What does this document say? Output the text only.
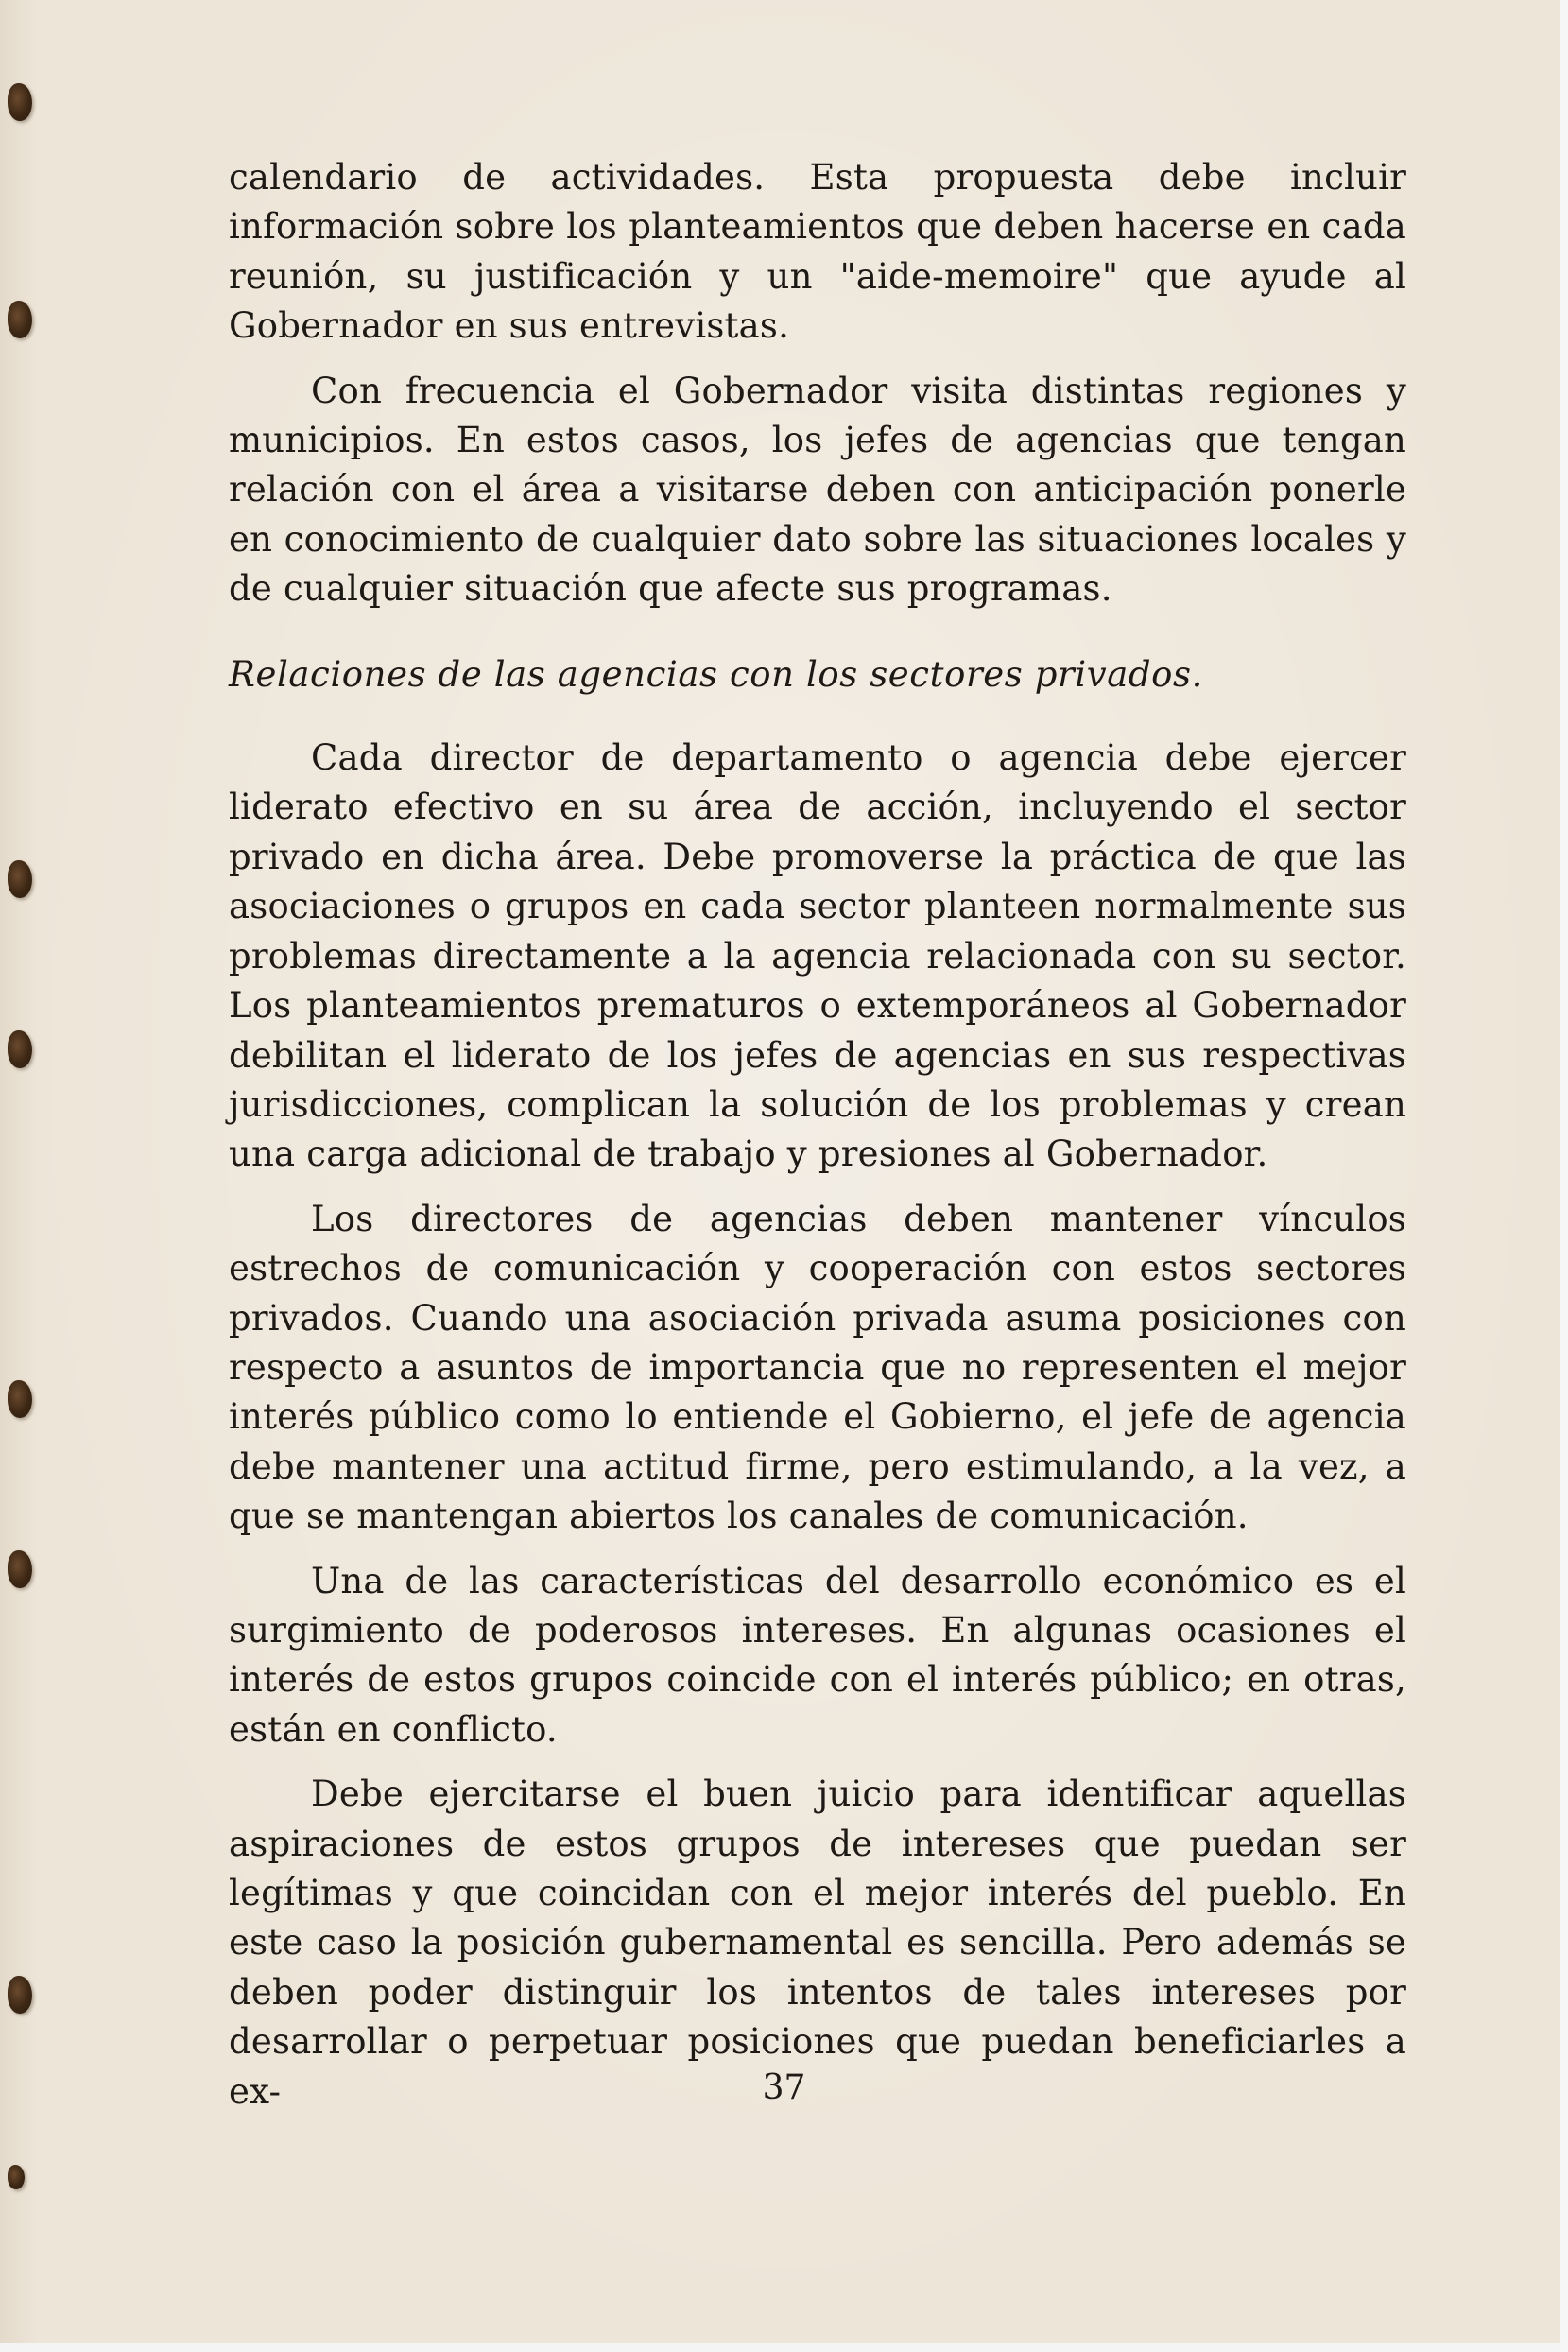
calendario de actividades. Esta propuesta debe incluir información sobre los planteamientos que deben hacerse en cada reunión, su justificación y un "aide-memoire" que ayude al Gobernador en sus entrevistas.

Con frecuencia el Gobernador visita distintas regiones y municipios. En estos casos, los jefes de agencias que tengan relación con el área a visitarse deben con anticipación ponerle en conocimiento de cualquier dato sobre las situaciones locales y de cualquier situación que afecte sus programas.

Relaciones de las agencias con los sectores privados.

Cada director de departamento o agencia debe ejercer liderato efectivo en su área de acción, incluyendo el sector privado en dicha área. Debe promoverse la práctica de que las asociaciones o grupos en cada sector planteen normalmente sus problemas directamente a la agencia relacionada con su sector. Los planteamientos prematuros o extemporáneos al Gobernador debilitan el liderato de los jefes de agencias en sus respectivas jurisdicciones, complican la solución de los problemas y crean una carga adicional de trabajo y presiones al Gobernador.

Los directores de agencias deben mantener vínculos estrechos de comunicación y cooperación con estos sectores privados. Cuando una asociación privada asuma posiciones con respecto a asuntos de importancia que no representen el mejor interés público como lo entiende el Gobierno, el jefe de agencia debe mantener una actitud firme, pero estimulando, a la vez, a que se mantengan abiertos los canales de comunicación.

Una de las características del desarrollo económico es el surgimiento de poderosos intereses. En algunas ocasiones el interés de estos grupos coincide con el interés público; en otras, están en conflicto.

Debe ejercitarse el buen juicio para identificar aquellas aspiraciones de estos grupos de intereses que puedan ser legítimas y que coincidan con el mejor interés del pueblo. En este caso la posición gubernamental es sencilla. Pero además se deben poder distinguir los intentos de tales intereses por desarrollar o perpetuar posiciones que puedan beneficiarles a ex-	37
